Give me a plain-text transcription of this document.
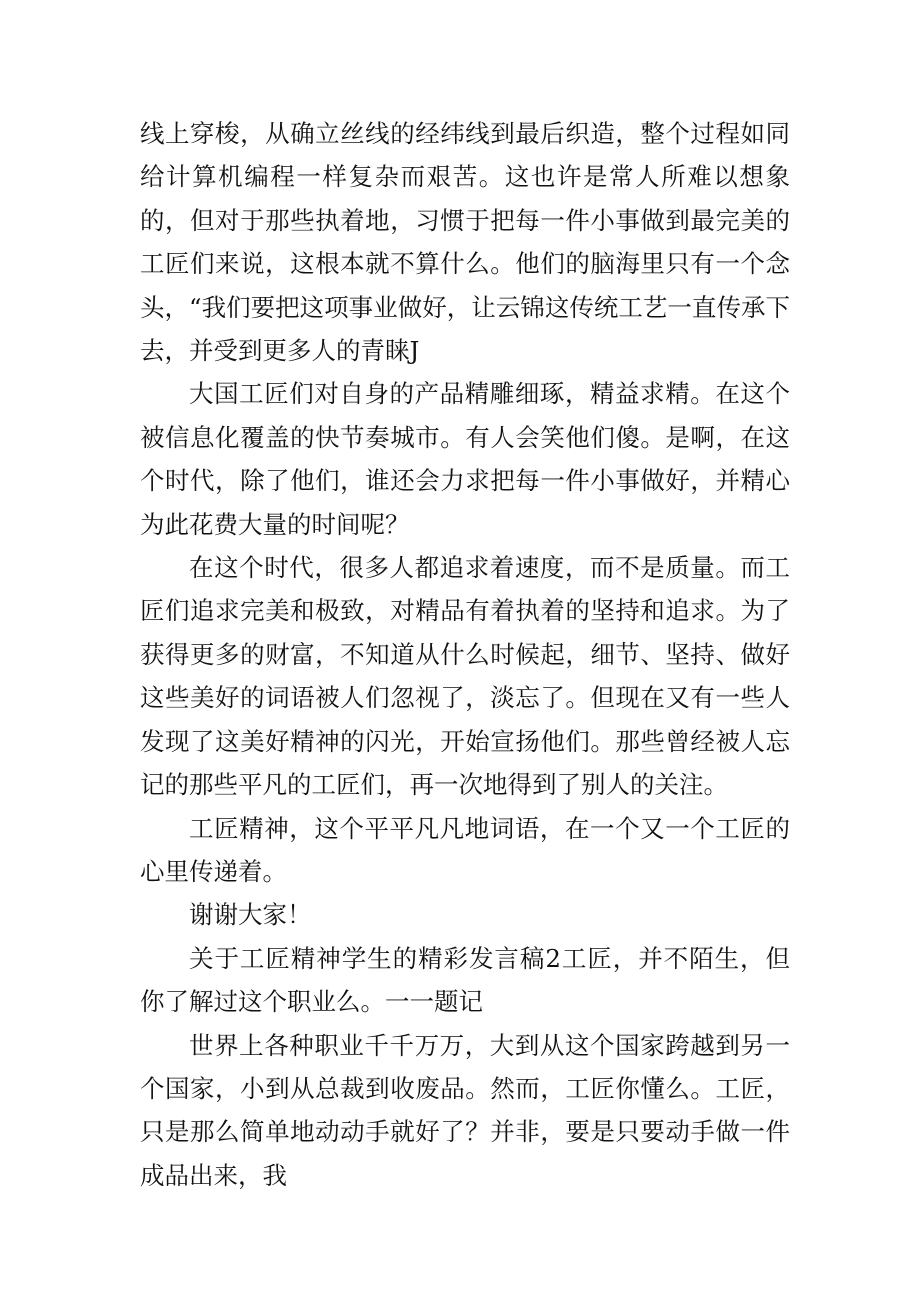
线上穿梭，从确立丝线的经纬线到最后织造，整个过程如同给计算机编程一样复杂而艰苦。这也许是常人所难以想象的，但对于那些执着地，习惯于把每一件小事做到最完美的工匠们来说，这根本就不算什么。他们的脑海里只有一个念头，“我们要把这项事业做好，让云锦这传统工艺一直传承下去，并受到更多人的青睐J

大国工匠们对自身的产品精雕细琢，精益求精。在这个被信息化覆盖的快节奏城市。有人会笑他们傻。是啊，在这个时代，除了他们，谁还会力求把每一件小事做好，并精心为此花费大量的时间呢？

在这个时代，很多人都追求着速度，而不是质量。而工匠们追求完美和极致，对精品有着执着的坚持和追求。为了获得更多的财富，不知道从什么时候起，细节、坚持、做好这些美好的词语被人们忽视了，淡忘了。但现在又有一些人发现了这美好精神的闪光，开始宣扬他们。那些曾经被人忘记的那些平凡的工匠们，再一次地得到了别人的关注。

工匠精神，这个平平凡凡地词语，在一个又一个工匠的心里传递着。

谢谢大家！

关于工匠精神学生的精彩发言稿2工匠，并不陌生，但你了解过这个职业么。一一题记

世界上各种职业千千万万，大到从这个国家跨越到另一个国家，小到从总裁到收废品。然而，工匠你懂么。工匠，只是那么简单地动动手就好了？并非，要是只要动手做一件成品出来，我
